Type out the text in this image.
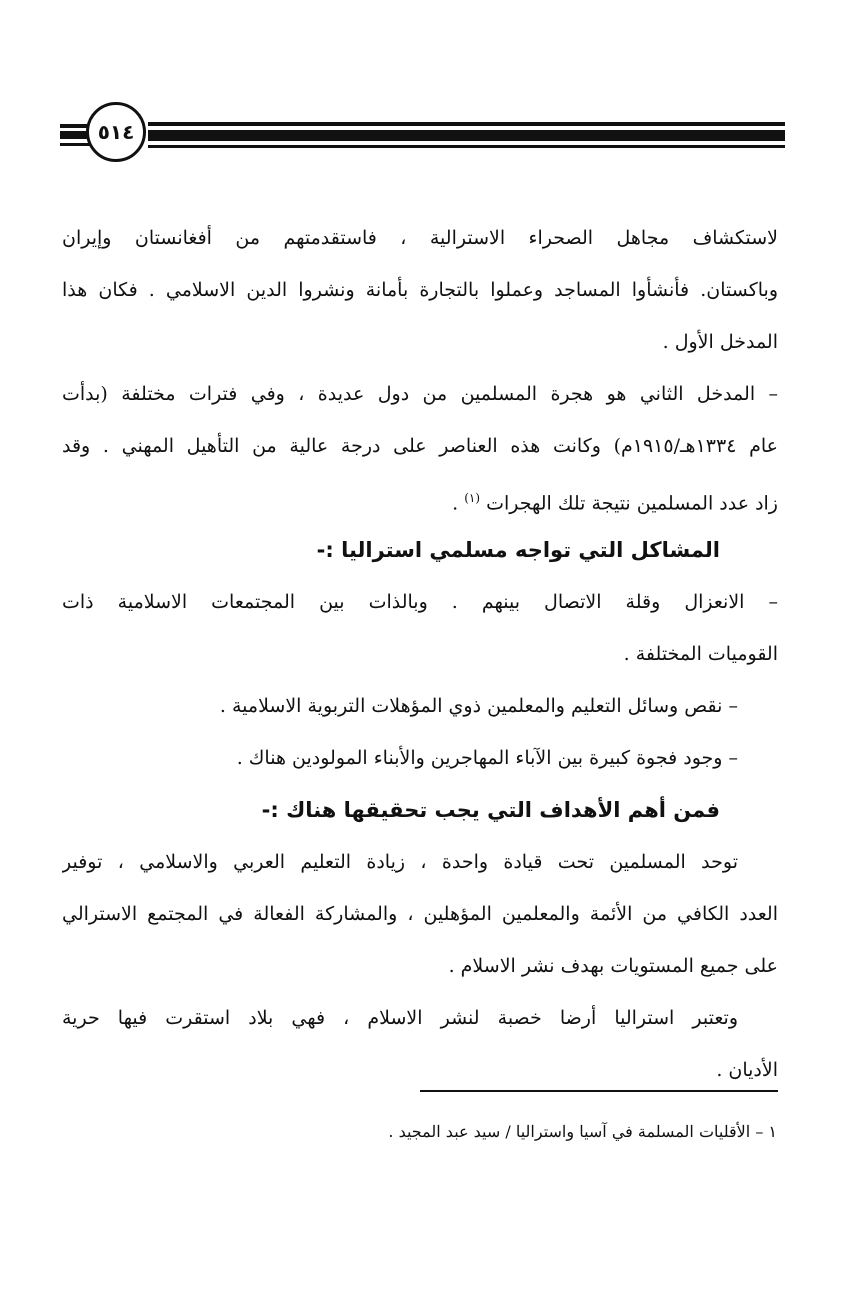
٥١٤
لاستكشاف مجاهل الصحراء الاسترالية ، فاستقدمتهم من أفغانستان وإيران
وباكستان. فأنشأوا المساجد وعملوا بالتجارة بأمانة ونشروا الدين الاسلامي . فكان هذا
المدخل الأول .
– المدخل الثاني هو هجرة المسلمين من دول عديدة ، وفي فترات مختلفة (بدأت
عام ١٣٣٤هـ/١٩١٥م) وكانت هذه العناصر على درجة عالية من التأهيل المهني . وقد
زاد عدد المسلمين نتيجة تلك الهجرات $^{(١)}$ .
المشاكل التي تواجه مسلمي استراليا :-
– الانعزال وقلة الاتصال بينهم . وبالذات بين المجتمعات الاسلامية ذات
القوميات المختلفة .
– نقص وسائل التعليم والمعلمين ذوي المؤهلات التربوية الاسلامية .
– وجود فجوة كبيرة بين الآباء المهاجرين والأبناء المولودين هناك .
فمن أهم الأهداف التي يجب تحقيقها هناك :-
توحد المسلمين تحت قيادة واحدة ، زيادة التعليم العربي والاسلامي ، توفير
العدد الكافي من الأئمة والمعلمين المؤهلين ، والمشاركة الفعالة في المجتمع الاسترالي
على جميع المستويات بهدف نشر الاسلام .
وتعتبر استراليا أرضا خصبة لنشر الاسلام ، فهي بلاد استقرت فيها حرية
الأديان .
١ – الأقليات المسلمة في آسيا واستراليا / سيد عبد المجيد .
